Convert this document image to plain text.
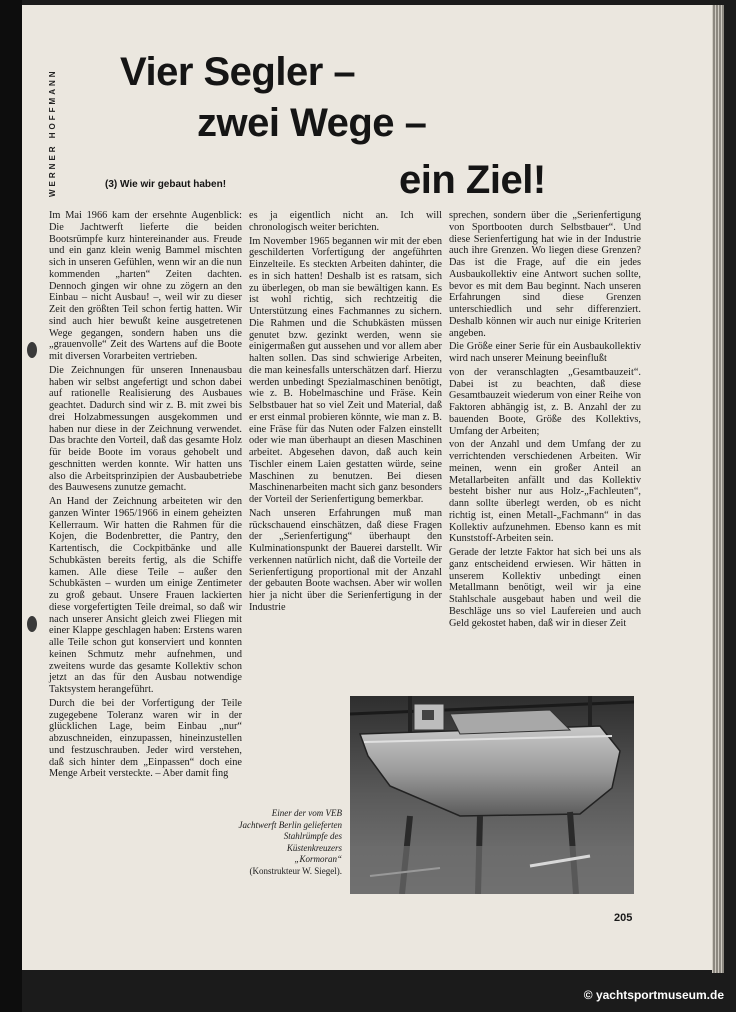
WERNER HOFFMANN Vier Segler –
zwei Wege –
ein Ziel!
(3) Wie wir gebaut haben!

Im Mai 1966 kam der ersehnte Augenblick: Die Jachtwerft lieferte die beiden Bootsrümpfe kurz hintereinander aus. Freude und ein ganz klein wenig Bammel mischten sich in unseren Gefühlen, wenn wir an die nun kommenden „harten“ Zeiten dachten. Dennoch gingen wir ohne zu zögern an den Einbau – nicht Ausbau! –, weil wir zu dieser Zeit den größten Teil schon fertig hatten. Wir sind auch hier bewußt keine ausgetretenen Wege gegangen, sondern haben uns die „grauenvolle“ Zeit des Wartens auf die Boote mit diversen Vorarbeiten vertrieben.

Die Zeichnungen für unseren Innenausbau haben wir selbst angefertigt und schon dabei auf rationelle Realisierung des Ausbaues geachtet. Dadurch sind wir z. B. mit zwei bis drei Holzabmessungen ausgekommen und haben nur diese in der Zeichnung verwendet. Das brachte den Vorteil, daß das gesamte Holz für beide Boote im voraus gehobelt und geschnitten werden konnte. Wir hatten uns also die Arbeitsprinzipien der Ausbaubetriebe des Bauwesens zunutze gemacht.

An Hand der Zeichnung arbeiteten wir den ganzen Winter 1965/1966 in einem geheizten Kellerraum. Wir hatten die Rahmen für die Kojen, die Bodenbretter, die Pantry, den Kartentisch, die Cockpitbänke und alle Schubkästen bereits fertig, als die Schiffe kamen. Alle diese Teile – außer den Schubkästen – wurden um einige Zentimeter zu groß gebaut. Unsere Frauen lackierten diese vorgefertigten Teile dreimal, so daß wir nach unserer Ansicht gleich zwei Fliegen mit einer Klappe geschlagen haben: Erstens waren alle Teile schon gut konserviert und konnten keinen Schmutz mehr aufnehmen, und zweitens wurde das gesamte Kollektiv schon jetzt an das für den Ausbau notwendige Taktsystem herangeführt.

Durch die bei der Vorfertigung der Teile zugegebene Toleranz waren wir in der glücklichen Lage, beim Einbau „nur“ abzuschneiden, einzupassen, hineinzustellen und festzuschrauben. Jeder wird verstehen, daß sich hinter dem „Einpassen“ doch eine Menge Arbeit versteckte. – Aber damit fing

es ja eigentlich nicht an. Ich will chronologisch weiter berichten.

Im November 1965 begannen wir mit der eben geschilderten Vorfertigung der angeführten Einzelteile. Es steckten Arbeiten dahinter, die es in sich hatten! Deshalb ist es ratsam, sich zu überlegen, ob man sie bewältigen kann. Es ist wohl richtig, sich rechtzeitig die Unterstützung eines Fachmannes zu sichern. Die Rahmen und die Schubkästen müssen genutet bzw. gezinkt werden, wenn sie einigermaßen gut aussehen und vor allem aber halten sollen. Das sind schwierige Arbeiten, die man keinesfalls unterschätzen darf. Hierzu werden unbedingt Spezialmaschinen benötigt, wie z. B. Hobelmaschine und Fräse. Kein Selbstbauer hat so viel Zeit und Material, daß er erst einmal probieren könnte, wie man z. B. eine Fräse für das Nuten oder Falzen einstellt oder wie man überhaupt an diesen Maschinen arbeitet. Abgesehen davon, daß auch kein Tischler einem Laien gestatten würde, seine Maschinen zu benutzen. Bei diesen Maschinenarbeiten macht sich ganz besonders der Vorteil der Serienfertigung bemerkbar.

Nach unseren Erfahrungen muß man rückschauend einschätzen, daß diese Fragen der „Serienfertigung“ überhaupt den Kulminationspunkt der Bauerei darstellt. Wir verkennen natürlich nicht, daß die Vorteile der Serienfertigung proportional mit der Anzahl der gebauten Boote wachsen. Aber wir wollen hier ja nicht über die Serienfertigung in der Industrie

sprechen, sondern über die „Serienfertigung von Sportbooten durch Selbstbauer“. Und diese Serienfertigung hat wie in der Industrie auch ihre Grenzen. Wo liegen diese Grenzen? Das ist die Frage, auf die ein jedes Ausbaukollektiv eine Antwort suchen sollte, bevor es mit dem Bau beginnt. Nach unseren Erfahrungen sind diese Grenzen unterschiedlich und sehr differenziert. Deshalb können wir auch nur einige Kriterien angeben.

Die Größe einer Serie für ein Ausbaukollektiv wird nach unserer Meinung beeinflußt

von der veranschlagten „Gesamtbauzeit“. Dabei ist zu beachten, daß diese Gesamtbauzeit wiederum von einer Reihe von Faktoren abhängig ist, z. B. Anzahl der zu bauenden Boote, Größe des Kollektivs, Umfang der Arbeiten;

von der Anzahl und dem Umfang der zu verrichtenden verschiedenen Arbeiten. Wir meinen, wenn ein großer Anteil an Metallarbeiten anfällt und das Kollektiv besteht bisher nur aus Holz-„Fachleuten“, dann sollte überlegt werden, ob es nicht richtig ist, einen Metall-„Fachmann“ in das Kollektiv aufzunehmen. Ebenso kann es mit Kunststoff-Arbeiten sein.

Gerade der letzte Faktor hat sich bei uns als ganz entscheidend erwiesen. Wir hätten in unserem Kollektiv unbedingt einen Metallmann benötigt, weil wir ja eine Stahlschale ausgebaut haben und weil die Beschläge uns so viel Laufereien und auch Geld gekostet haben, daß wir in dieser Zeit

Einer der vom VEB Jachtwerft Berlin gelieferten Stahlrümpfe des Küstenkreuzers „Kormoran“
(Konstrukteur W. Siegel).
205
© yachtsportmuseum.de
